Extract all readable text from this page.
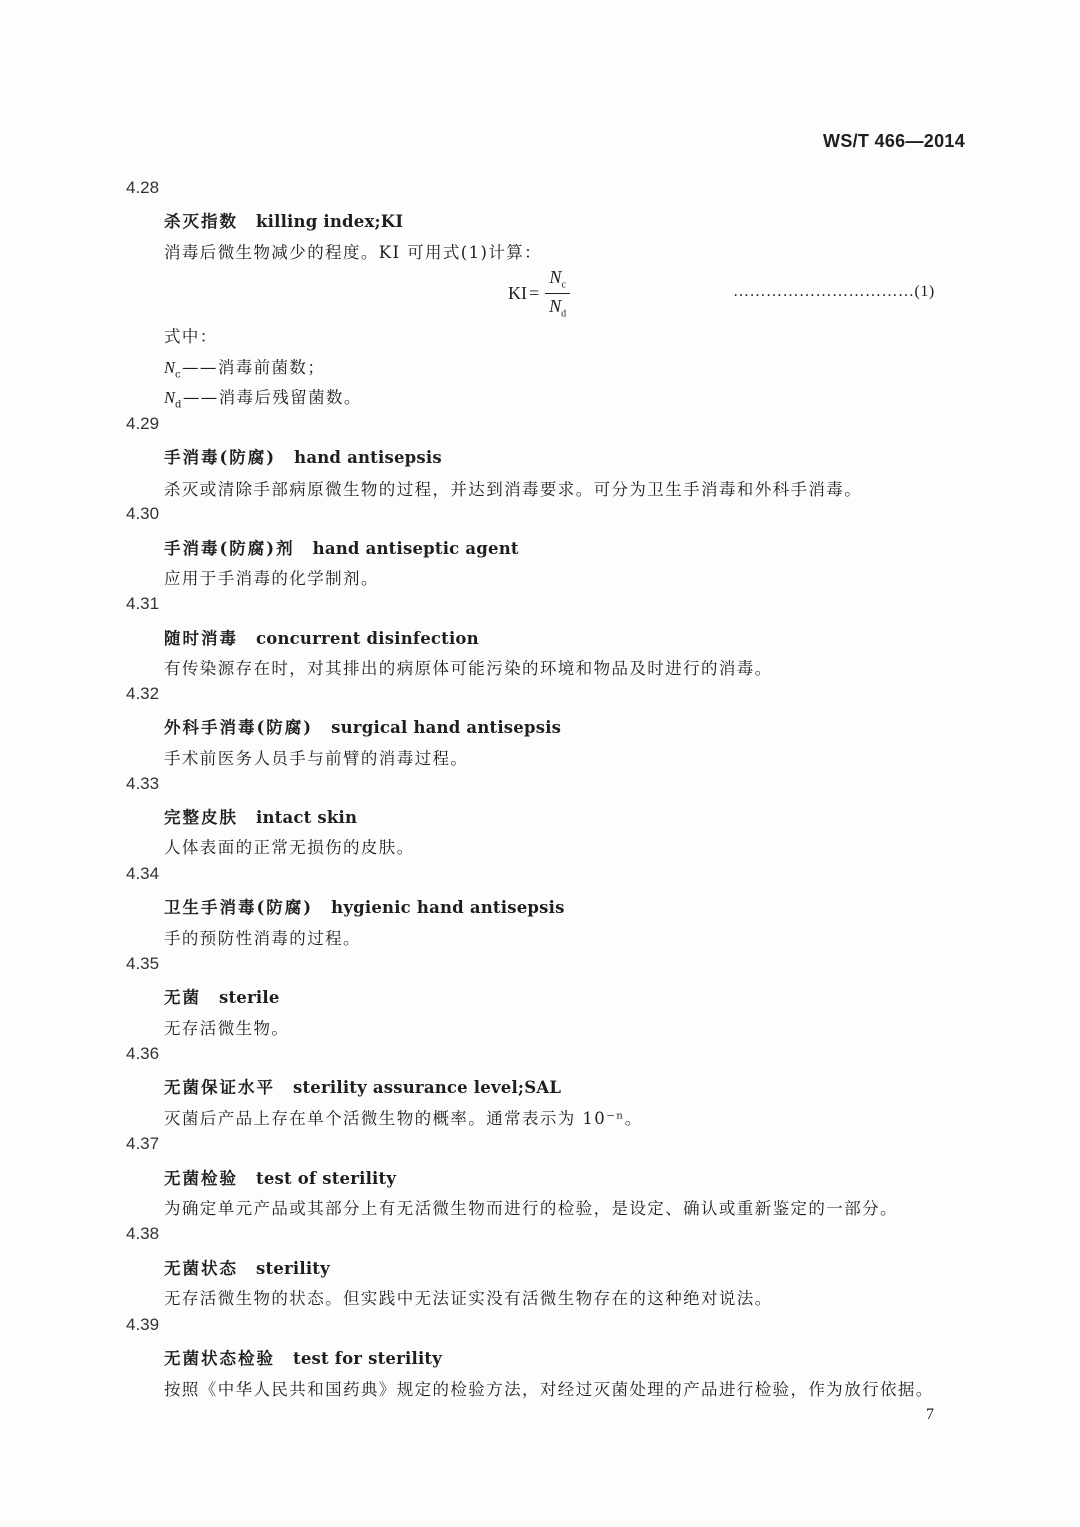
WS/T 466—2014
4.28
杀灭指数 killing index;KI
消毒后微生物减少的程度。KI 可用式(1)计算：
KI = $\frac{N_c}{N_d}$	……………………………(1)
式中：
$N_c——$消毒前菌数；
$N_d——$消毒后残留菌数。
4.29
手消毒(防腐) hand antisepsis
杀灭或清除手部病原微生物的过程，并达到消毒要求。可分为卫生手消毒和外科手消毒。
4.30
手消毒(防腐)剂 hand antiseptic agent
应用于手消毒的化学制剂。
4.31
随时消毒 concurrent disinfection
有传染源存在时，对其排出的病原体可能污染的环境和物品及时进行的消毒。
4.32
外科手消毒(防腐) surgical hand antisepsis
手术前医务人员手与前臂的消毒过程。
4.33
完整皮肤 intact skin
人体表面的正常无损伤的皮肤。
4.34
卫生手消毒(防腐) hygienic hand antisepsis
手的预防性消毒的过程。
4.35
无菌 sterile
无存活微生物。
4.36
无菌保证水平 sterility assurance level;SAL
灭菌后产品上存在单个活微生物的概率。通常表示为 10⁻ⁿ。
4.37
无菌检验 test of sterility
为确定单元产品或其部分上有无活微生物而进行的检验，是设定、确认或重新鉴定的一部分。
4.38
无菌状态 sterility
无存活微生物的状态。但实践中无法证实没有活微生物存在的这种绝对说法。
4.39
无菌状态检验 test for sterility
按照《中华人民共和国药典》规定的检验方法，对经过灭菌处理的产品进行检验，作为放行依据。
7
